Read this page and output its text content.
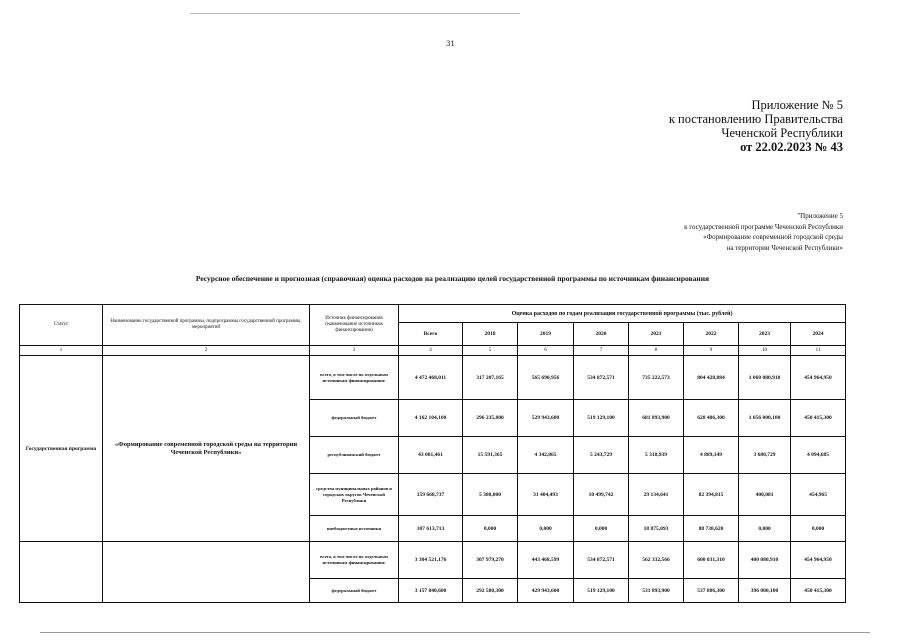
31
Приложение № 5
к постановлению Правительства
Чеченской Республики
от 22.02.2023 № 43
"Приложение 5
к государственной программе Чеченской Республики
«Формирование современной городской среды
на территории Чеченской Республики»
Ресурсное обеспечение и прогнозная (справочная) оценка расходов на реализацию целей государственной программы по источникам финансирования
Статус	Наименование государственной программы, подпрограммы государственной программы, мероприятий	Источник финансирования (наименование источников финансирования)	Оценка расходов по годам реализации государственной программы (тыс. рублей)							
			Всего	2018	2019	2020	2021	2022	2023	2024
1	2	3	4	5	6	7	8	9	10	11
Государственная программа	«Формирование современной городской среды на территории Чеченской Республики»	всего, в том числе по отдельным источникам финансирования:	4 472 468,011	317 207,165	565 690,956	534 872,571	735 222,573	804 428,884	1 060 080,910	454 964,950
		федеральный бюджет	4 162 104,100	296 235,800	529 943,600	519 129,100	681 893,900	628 406,300	1 056 000,100	450 415,300
		республиканский бюджет	43 081,461	15 591,365	4 342,865	5 243,729	5 318,939	4 889,149	3 680,729	4 094,685
		средства муниципальных районов и городских округов Чеченской Республики	159 668,737	5 380,000	31 404,493	10 499,742	29 134,641	82 394,815	400,081	454,965
		внебюджетные источники	107 613,713	0,000	0,000	0,000	18 875,093	88 738,620	0,000	0,000
		всего, в том числе по отдельным источникам финансирования:	3 304 521,176	307 979,270	443 468,599	534 872,571	562 332,566	600 831,310	400 080,910	454 964,950
		федеральный бюджет	3 157 840,600	292 580,300	429 943,600	519 129,100	531 893,900	537 806,300	396 000,100	450 415,300
